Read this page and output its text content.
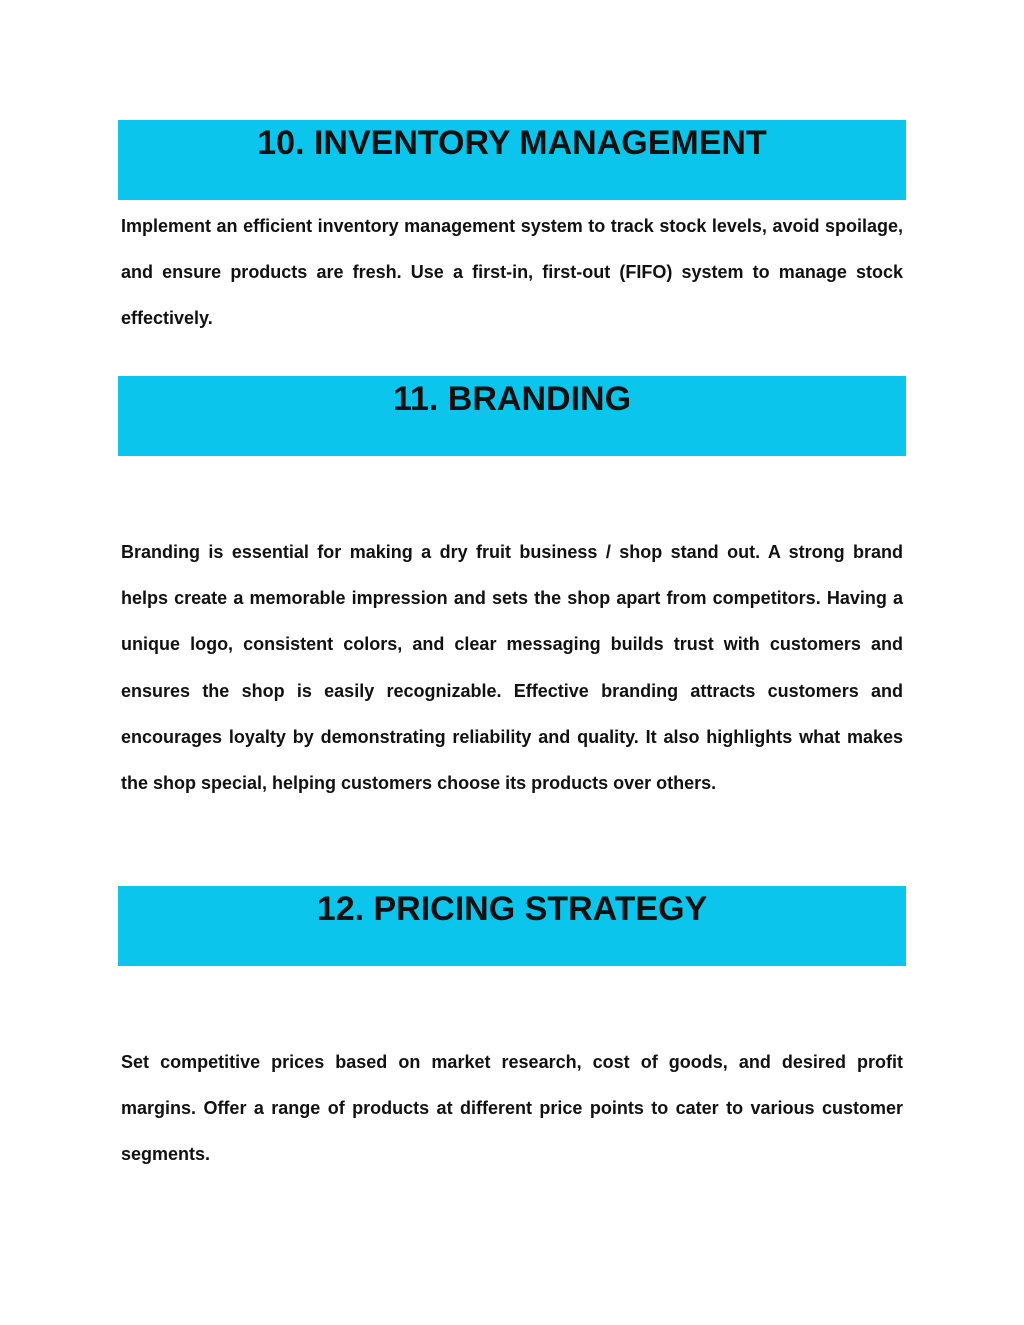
10. INVENTORY MANAGEMENT

Implement an efficient inventory management system to track stock levels, avoid spoilage, and ensure products are fresh. Use a first-in, first-out (FIFO) system to manage stock effectively.

11. BRANDING

Branding is essential for making a dry fruit business / shop stand out. A strong brand helps create a memorable impression and sets the shop apart from competitors. Having a unique logo, consistent colors, and clear messaging builds trust with customers and ensures the shop is easily recognizable. Effective branding attracts customers and encourages loyalty by demonstrating reliability and quality. It also highlights what makes the shop special, helping customers choose its products over others.

12. PRICING STRATEGY

Set competitive prices based on market research, cost of goods, and desired profit margins. Offer a range of products at different price points to cater to various customer segments.
